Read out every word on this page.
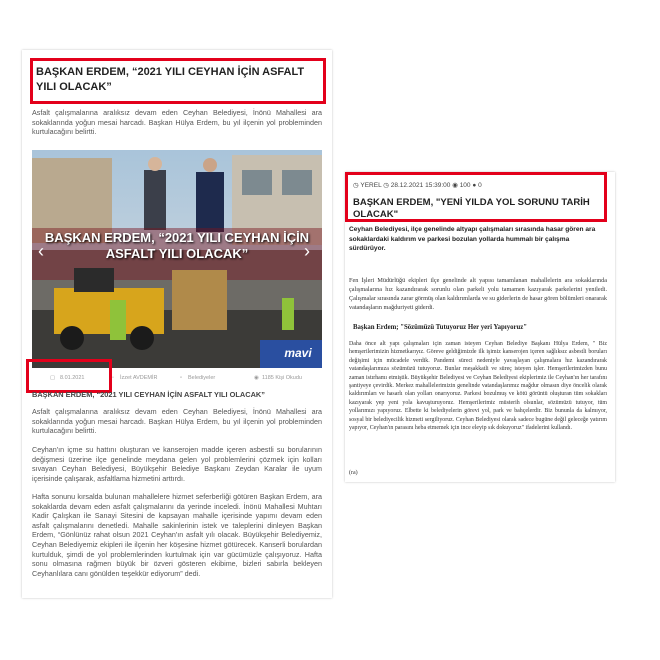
BAŞKAN ERDEM, “2021 YILI CEYHAN İÇİN ASFALT YILI OLACAK”
Asfalt çalışmalarına aralıksız devam eden Ceyhan Belediyesi, İnönü Mahallesi ara sokaklarında yoğun mesai harcadı. Başkan Hülya Erdem, bu yıl ilçenin yol probleminden kurtulacağını belirtti.
BAŞKAN ERDEM, “2021 YILI CEYHAN İÇİN ASFALT YILI OLACAK”
‹	›
mavi
▢ 8.01.2021	◦ İzzet AVDEMİR	▫ Belediyeler	◉ 1185 Kişi Okudu
BAŞKAN ERDEM, “2021 YILI CEYHAN İÇİN ASFALT YILI OLACAK”
Asfalt çalışmalarına aralıksız devam eden Ceyhan Belediyesi, İnönü Mahallesi ara sokaklarında yoğun mesai harcadı. Başkan Hülya Erdem, bu yıl ilçenin yol probleminden kurtulacağını belirtti.
Ceyhan'ın içme su hattını oluşturan ve kanserojen madde içeren asbestli su borularının değişmesi üzerine ilçe genelinde meydana gelen yol problemlerini çözmek için kolları sıvayan Ceyhan Belediyesi, Büyükşehir Belediye Başkanı Zeydan Karalar ile uyum içerisinde çalışarak, asfaltlama hizmetini arttırdı.
Hafta sonunu kırsalda bulunan mahallelere hizmet seferberliği götüren Başkan Erdem, ara sokaklarda devam eden asfalt çalışmalarını da yerinde inceledi. İnönü Mahallesi Muhtarı Kadir Çalışkan ile Sanayi Sitesini de kapsayan mahalle içerisinde yapımı devam eden asfalt çalışmalarını denetledi. Mahalle sakinlerinin istek ve taleplerini dinleyen Başkan Erdem, “Gönlünüz rahat olsun 2021 Ceyhan'ın asfalt yılı olacak. Büyükşehir Belediyemiz, Ceyhan Belediyemiz ekipleri ile ilçenin her köşesine hizmet götürecek. Kanserli borulardan kurtulduk, şimdi de yol problemlerinden kurtulmak için var gücümüzle çalışıyoruz. Hafta sonu olmasına rağmen büyük bir özveri gösteren ekibime, bizleri sabırla bekleyen Ceyhanlılara canı gönülden teşekkür ediyorum” dedi.
◷ YEREL ◷ 28.12.2021 15:39:00 ◉ 100 ● 0
BAŞKAN ERDEM, "YENİ YILDA YOL SORUNU TARİH OLACAK"
Ceyhan Belediyesi, ilçe genelinde altyapı çalışmaları sırasında hasar gören ara sokaklardaki kaldırım ve parkesi bozulan yollarda hummalı bir çalışma sürdürüyor.
Fen İşleri Müdürlüğü ekipleri ilçe genelinde alt yapısı tamamlanan mahallelerin ara sokaklarında çalışmalarına hız kazandırarak sorunlu olan parkeli yolu tamamen kazıyarak parkelerini yeniledi. Çalışmalar sırasında zarar görmüş olan kaldırımlarda ve su giderlerin de hasar gören bölümleri onararak vatandaşların mağduriyeti giderdi.
Başkan Erdem; "Sözümüzü Tutuyoruz Her yeri Yapıyoruz"
Daha önce alt yapı çalışmaları için zaman isteyen Ceyhan Belediye Başkanı Hülya Erdem, " Biz hemşerilerimizin hizmetkarıyız. Göreve geldiğimizde ilk işimiz kanserojen içeren sağlıksız asbestli boruları değişimi için mücadele verdik. Pandemi süreci nedeniyle yavaşlayan çalışmalara hız kazandırarak vatandaşlarımıza sözümüzü tutuyoruz. Bunlar meşakkatli ve süreç isteyen işler. Hemşerilerimizden bunu zaman istırhamı etmiştik. Büyükşehir Belediyesi ve Ceyhan Belediyesi ekiplerimiz ile Ceyhan'ın her tarafını şantiyeye çevirdik. Merkez mahallelerimizin genelinde vatandaşlarımız mağdur olmasın diye öncelik olarak kaldırımları ve hasarlı olan yolları onarıyoruz. Parkesi bozulmuş ve kötü görüntü oluşturan tüm sokakları kazıyarak yep yeni yola kavuşturuyoruz. Hemşerilerimiz müsterih olsunlar, sözümüzü tutuyor, tüm yollarımızı yapıyoruz. Elbette ki belediyelerin görevi yol, park ve bahçelerdir. Biz bununla da kalmıyor, sosyal bir belediyecilik hizmeti sergiliyoruz. Ceyhan Belediyesi olarak sadece bugüne değil geleceğe yatırım yapıyor, Ceyhan'ın parasını heba etmemek için ince eleyip sık dokuyoruz" ifadelerini kullandı.
(ra)
